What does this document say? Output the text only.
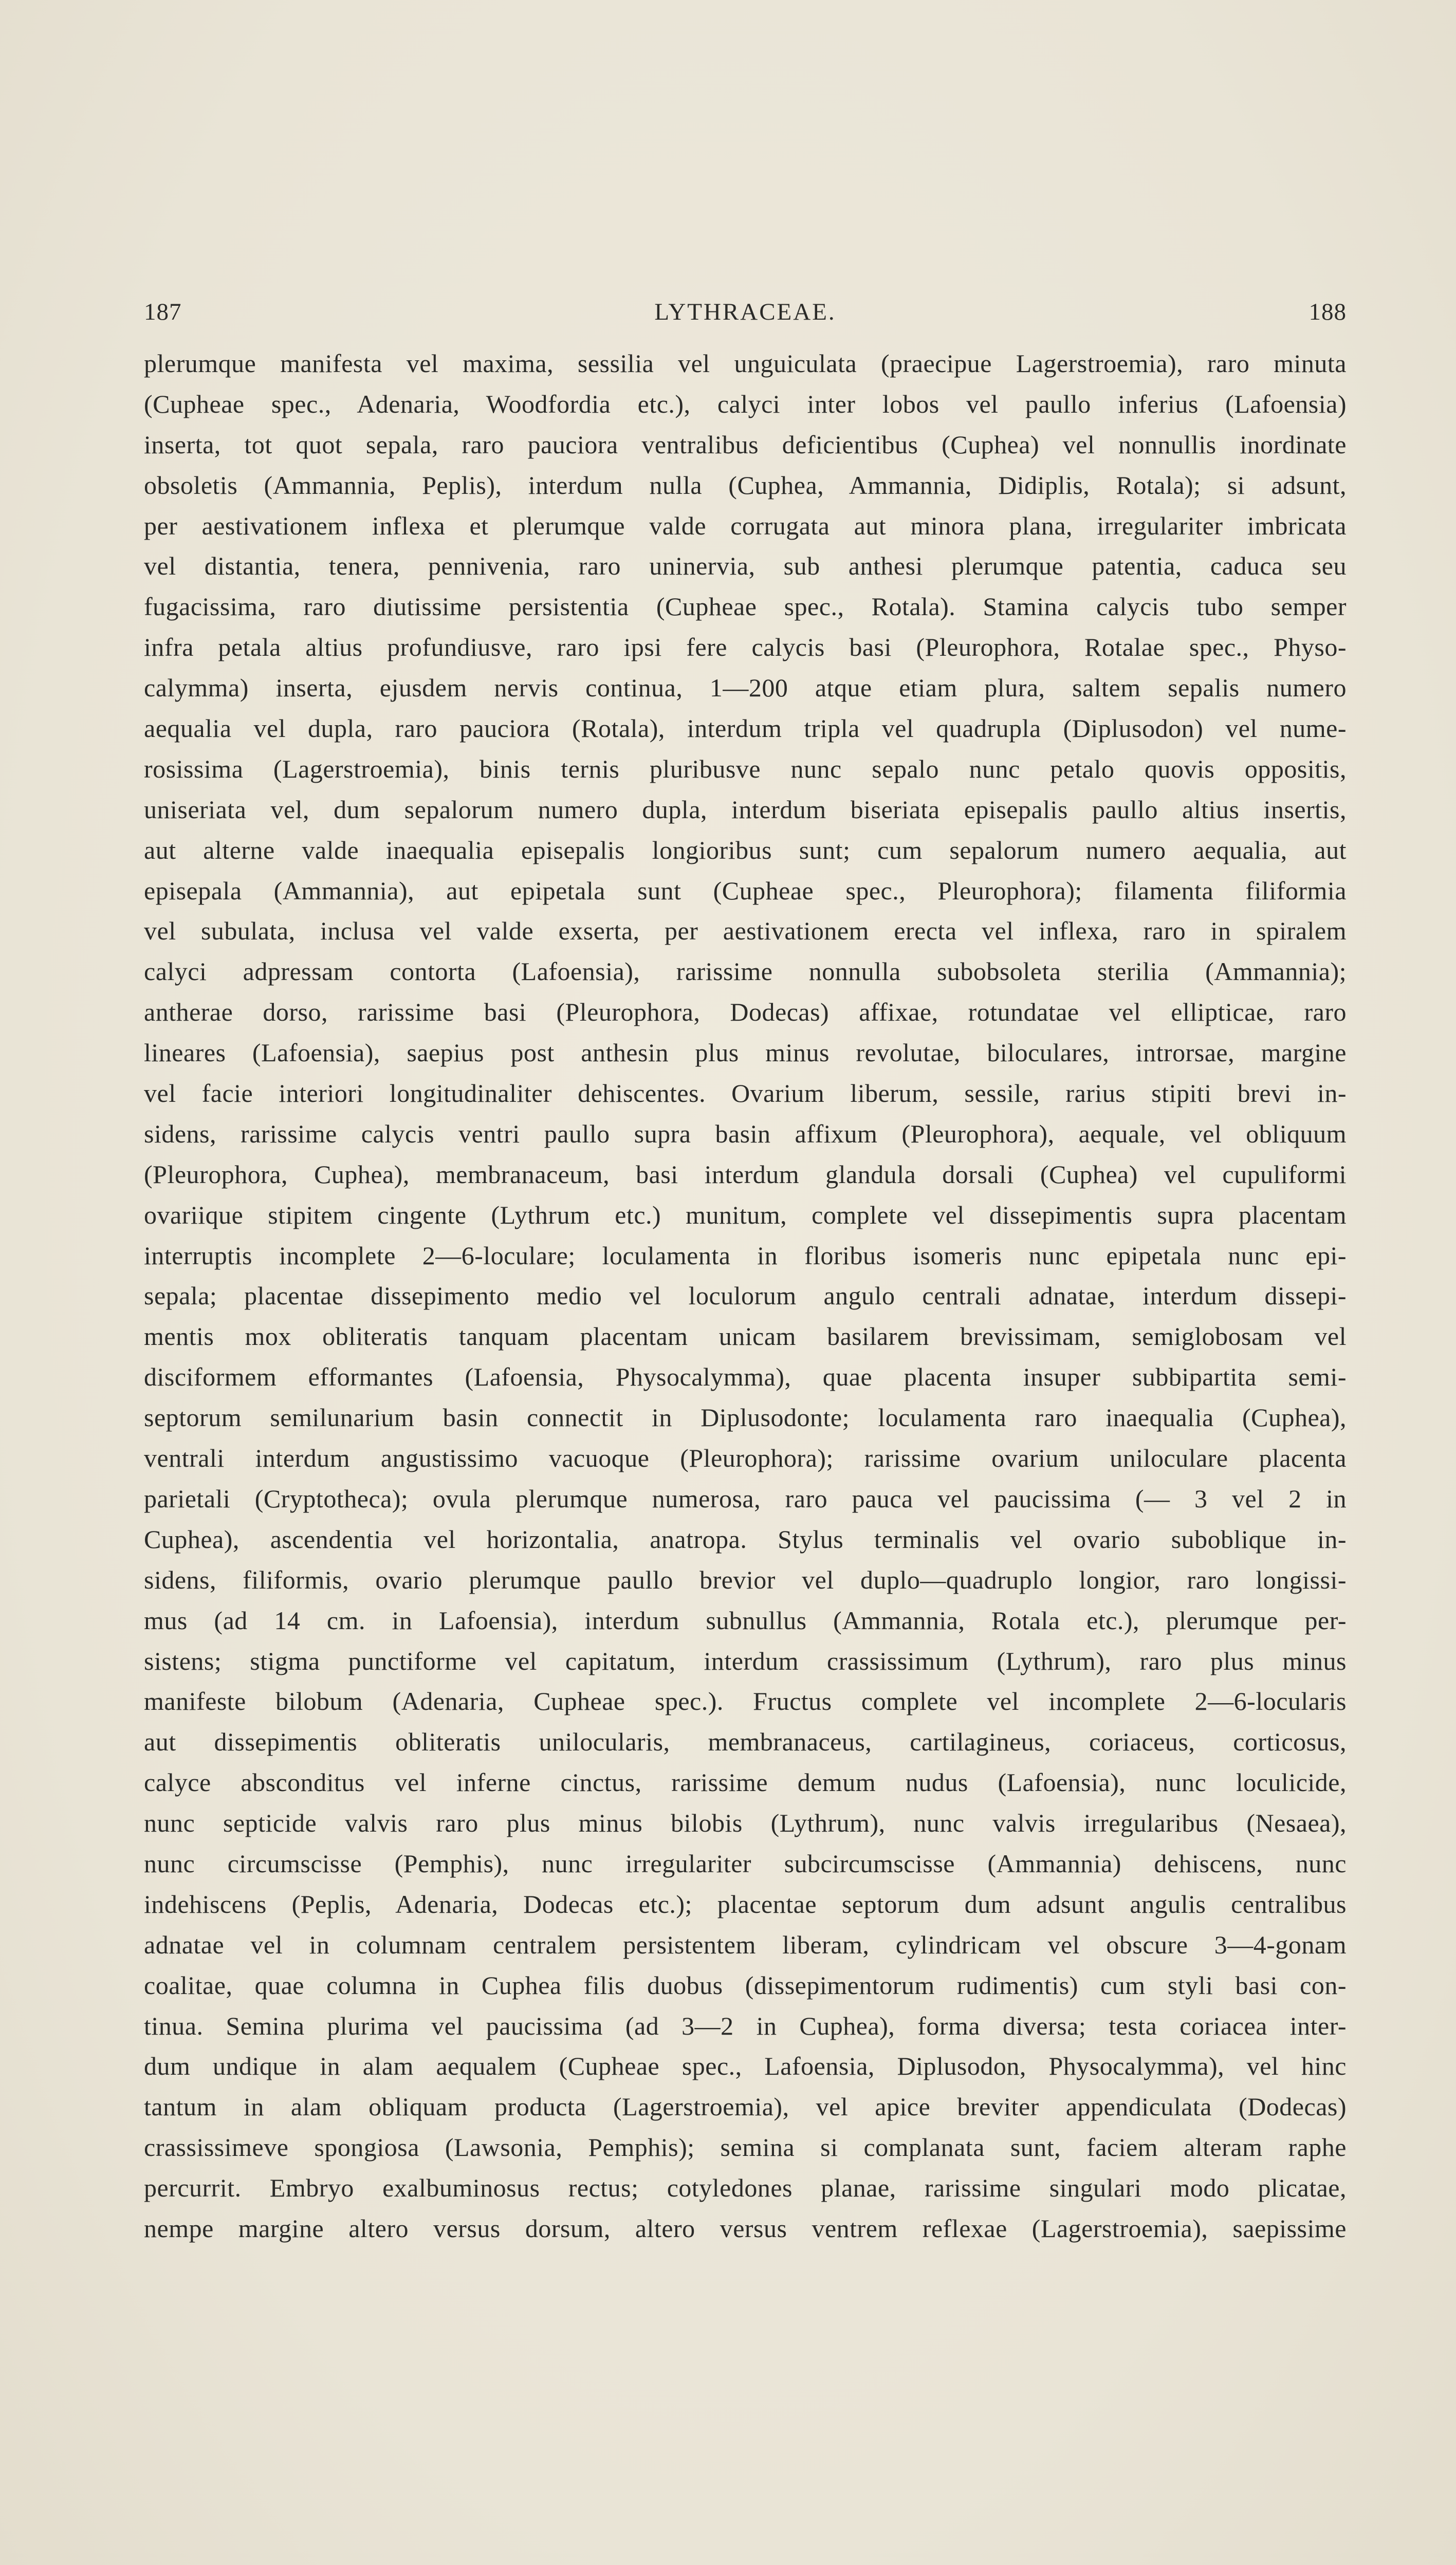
187	LYTHRACEAE.	188
plerumque manifesta vel maxima, sessilia vel unguiculata (praecipue Lagerstroemia), raro minuta
(Cupheae spec., Adenaria, Woodfordia etc.), calyci inter lobos vel paullo inferius (Lafoensia)
inserta, tot quot sepala, raro pauciora ventralibus deficientibus (Cuphea) vel nonnullis inordinate
obsoletis (Ammannia, Peplis), interdum nulla (Cuphea, Ammannia, Didiplis, Rotala); si adsunt,
per aestivationem inflexa et plerumque valde corrugata aut minora plana, irregulariter imbricata
vel distantia, tenera, pennivenia, raro uninervia, sub anthesi plerumque patentia, caduca seu
fugacissima, raro diutissime persistentia (Cupheae spec., Rotala). Stamina calycis tubo semper
infra petala altius profundiusve, raro ipsi fere calycis basi (Pleurophora, Rotalae spec., Physo-
calymma) inserta, ejusdem nervis continua, 1—200 atque etiam plura, saltem sepalis numero
aequalia vel dupla, raro pauciora (Rotala), interdum tripla vel quadrupla (Diplusodon) vel nume-
rosissima (Lagerstroemia), binis ternis pluribusve nunc sepalo nunc petalo quovis oppositis,
uniseriata vel, dum sepalorum numero dupla, interdum biseriata episepalis paullo altius insertis,
aut alterne valde inaequalia episepalis longioribus sunt; cum sepalorum numero aequalia, aut
episepala (Ammannia), aut epipetala sunt (Cupheae spec., Pleurophora); filamenta filiformia
vel subulata, inclusa vel valde exserta, per aestivationem erecta vel inflexa, raro in spiralem
calyci adpressam contorta (Lafoensia), rarissime nonnulla subobsoleta sterilia (Ammannia);
antherae dorso, rarissime basi (Pleurophora, Dodecas) affixae, rotundatae vel ellipticae, raro
lineares (Lafoensia), saepius post anthesin plus minus revolutae, biloculares, introrsae, margine
vel facie interiori longitudinaliter dehiscentes. Ovarium liberum, sessile, rarius stipiti brevi in-
sidens, rarissime calycis ventri paullo supra basin affixum (Pleurophora), aequale, vel obliquum
(Pleurophora, Cuphea), membranaceum, basi interdum glandula dorsali (Cuphea) vel cupuliformi
ovariique stipitem cingente (Lythrum etc.) munitum, complete vel dissepimentis supra placentam
interruptis incomplete 2—6-loculare; loculamenta in floribus isomeris nunc epipetala nunc epi-
sepala; placentae dissepimento medio vel loculorum angulo centrali adnatae, interdum dissepi-
mentis mox obliteratis tanquam placentam unicam basilarem brevissimam, semiglobosam vel
disciformem efformantes (Lafoensia, Physocalymma), quae placenta insuper subbipartita semi-
septorum semilunarium basin connectit in Diplusodonte; loculamenta raro inaequalia (Cuphea),
ventrali interdum angustissimo vacuoque (Pleurophora); rarissime ovarium uniloculare placenta
parietali (Cryptotheca); ovula plerumque numerosa, raro pauca vel paucissima (— 3 vel 2 in
Cuphea), ascendentia vel horizontalia, anatropa. Stylus terminalis vel ovario suboblique in-
sidens, filiformis, ovario plerumque paullo brevior vel duplo—quadruplo longior, raro longissi-
mus (ad 14 cm. in Lafoensia), interdum subnullus (Ammannia, Rotala etc.), plerumque per-
sistens; stigma punctiforme vel capitatum, interdum crassissimum (Lythrum), raro plus minus
manifeste bilobum (Adenaria, Cupheae spec.). Fructus complete vel incomplete 2—6-locularis
aut dissepimentis obliteratis unilocularis, membranaceus, cartilagineus, coriaceus, corticosus,
calyce absconditus vel inferne cinctus, rarissime demum nudus (Lafoensia), nunc loculicide,
nunc septicide valvis raro plus minus bilobis (Lythrum), nunc valvis irregularibus (Nesaea),
nunc circumscisse (Pemphis), nunc irregulariter subcircumscisse (Ammannia) dehiscens, nunc
indehiscens (Peplis, Adenaria, Dodecas etc.); placentae septorum dum adsunt angulis centralibus
adnatae vel in columnam centralem persistentem liberam, cylindricam vel obscure 3—4-gonam
coalitae, quae columna in Cuphea filis duobus (dissepimentorum rudimentis) cum styli basi con-
tinua. Semina plurima vel paucissima (ad 3—2 in Cuphea), forma diversa; testa coriacea inter-
dum undique in alam aequalem (Cupheae spec., Lafoensia, Diplusodon, Physocalymma), vel hinc
tantum in alam obliquam producta (Lagerstroemia), vel apice breviter appendiculata (Dodecas)
crassissimeve spongiosa (Lawsonia, Pemphis); semina si complanata sunt, faciem alteram raphe
percurrit. Embryo exalbuminosus rectus; cotyledones planae, rarissime singulari modo plicatae,
nempe margine altero versus dorsum, altero versus ventrem reflexae (Lagerstroemia), saepissime
